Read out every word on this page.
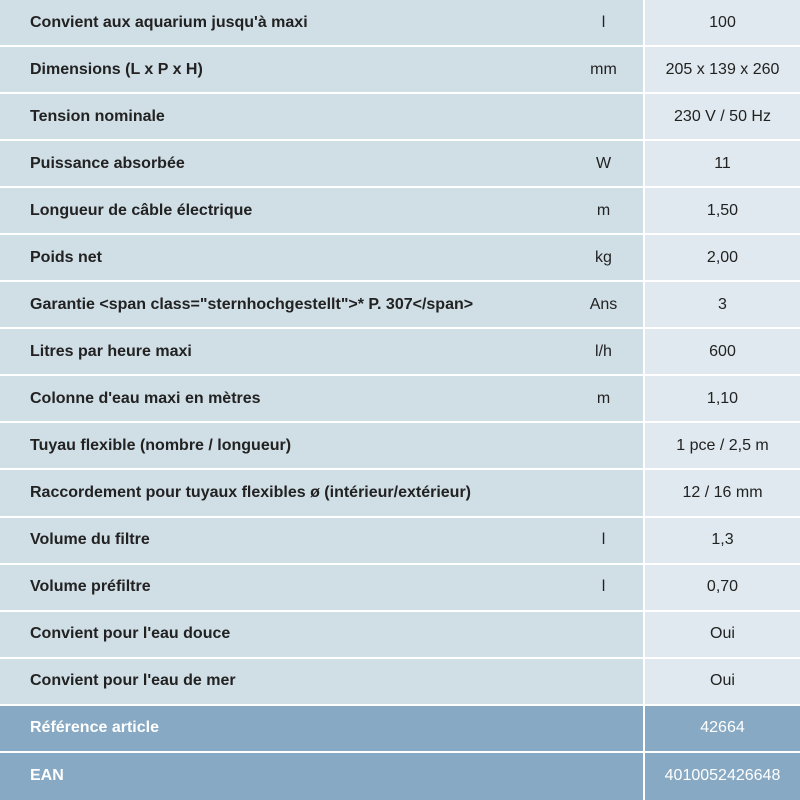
Convient aux aquarium jusqu'à maxi	l	100
Dimensions (L x P x H)	mm	205 x 139 x 260
Tension nominale		230 V / 50 Hz
Puissance absorbée	W	11
Longueur de câble électrique	m	1,50
Poids net	kg	2,00
Garantie <span class="sternhochgestellt">* P. 307</span>	Ans	3
Litres par heure maxi	l/h	600
Colonne d'eau maxi en mètres	m	1,10
Tuyau flexible (nombre / longueur)		1 pce / 2,5 m
Raccordement pour tuyaux flexibles ø (intérieur/extérieur)		12 / 16 mm
Volume du filtre	l	1,3
Volume préfiltre	l	0,70
Convient pour l'eau douce		Oui
Convient pour l'eau de mer		Oui
Référence article		42664
EAN		4010052426648
